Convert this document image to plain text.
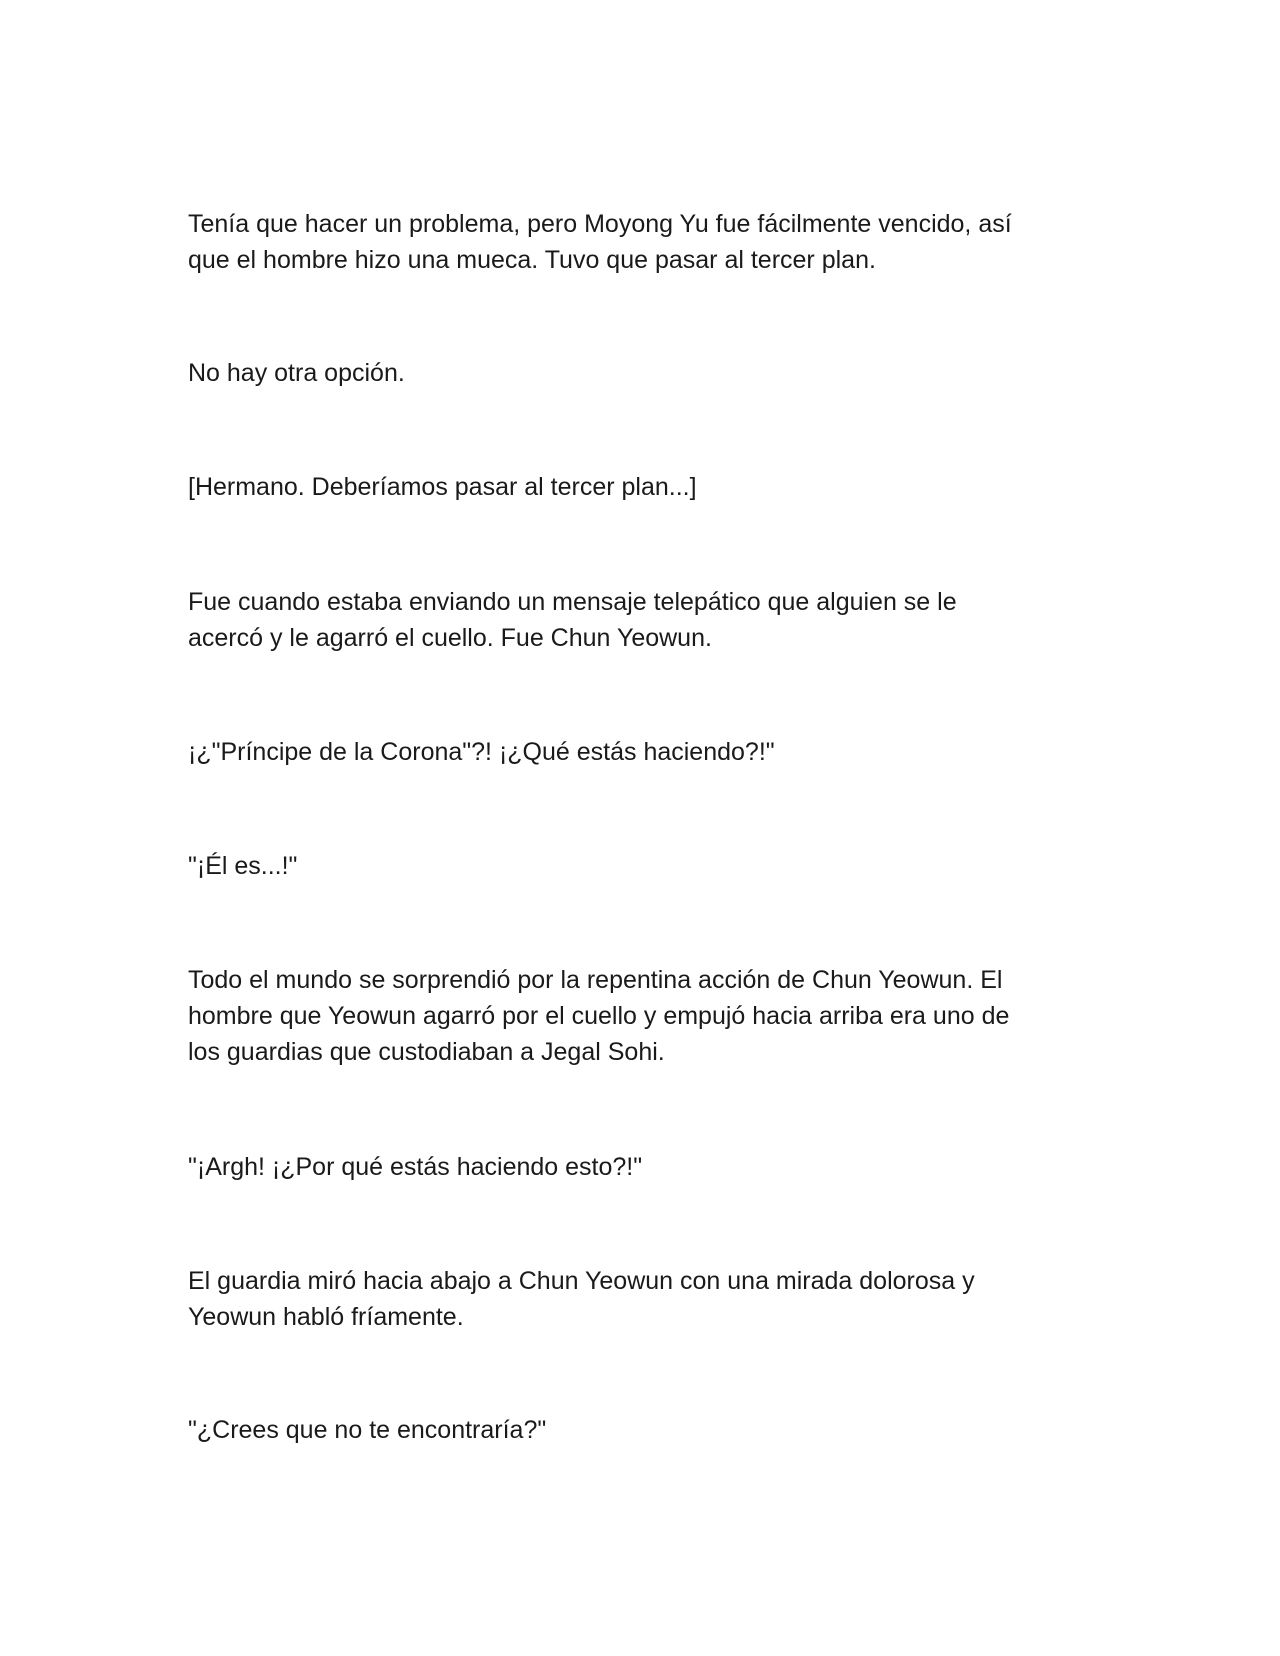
Tenía que hacer un problema, pero Moyong Yu fue fácilmente vencido, así
que el hombre hizo una mueca. Tuvo que pasar al tercer plan.

No hay otra opción.

[Hermano. Deberíamos pasar al tercer plan...]

Fue cuando estaba enviando un mensaje telepático que alguien se le
acercó y le agarró el cuello. Fue Chun Yeowun.

¡¿"Príncipe de la Corona"?! ¡¿Qué estás haciendo?!"

"¡Él es...!"

Todo el mundo se sorprendió por la repentina acción de Chun Yeowun. El
hombre que Yeowun agarró por el cuello y empujó hacia arriba era uno de
los guardias que custodiaban a Jegal Sohi.

"¡Argh! ¡¿Por qué estás haciendo esto?!"

El guardia miró hacia abajo a Chun Yeowun con una mirada dolorosa y
Yeowun habló fríamente.

"¿Crees que no te encontraría?"
